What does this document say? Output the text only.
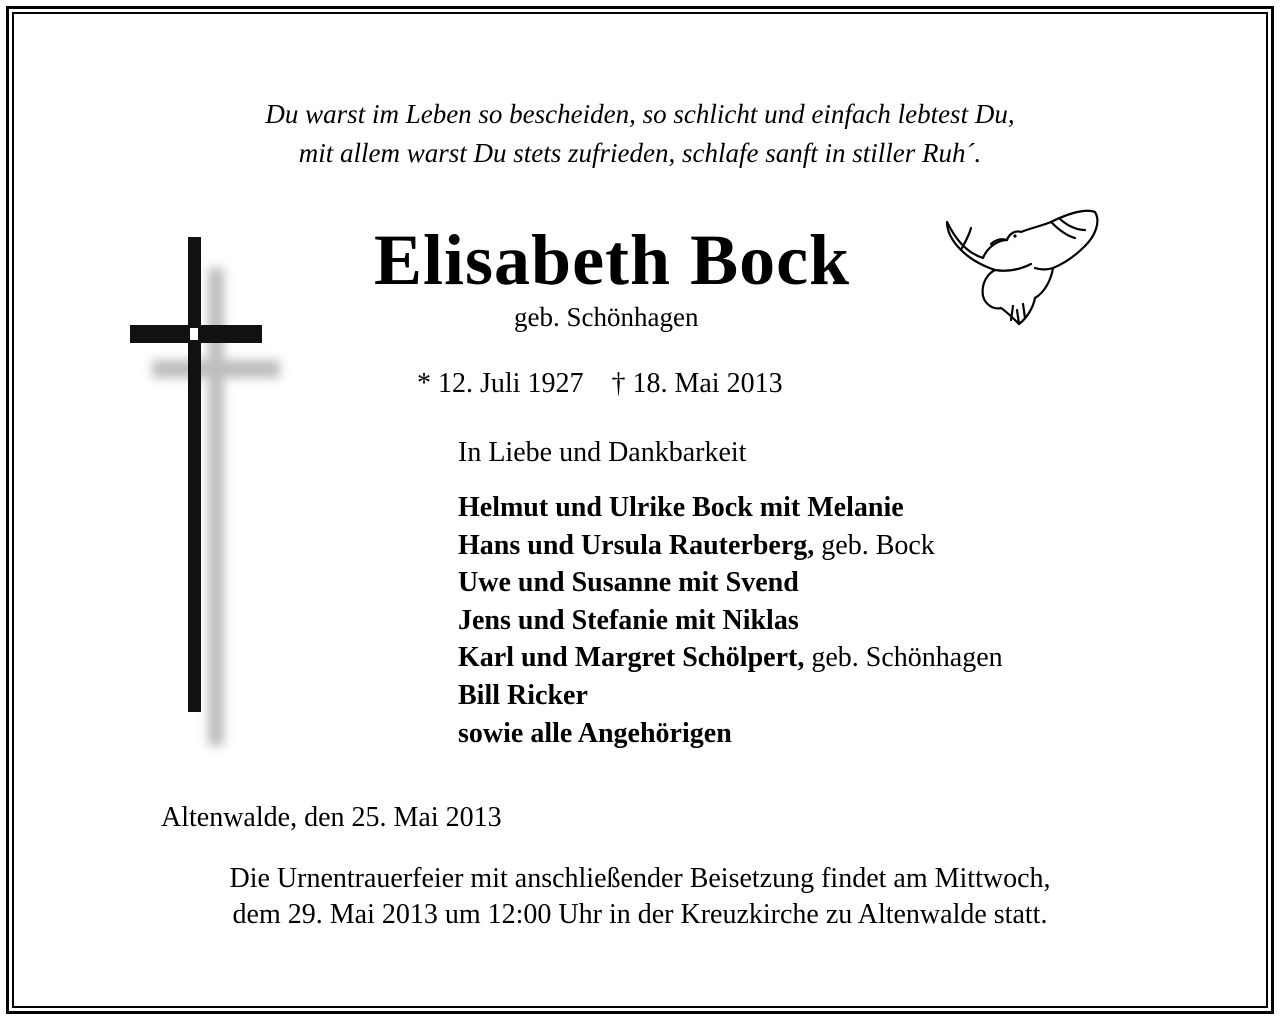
Du warst im Leben so bescheiden, so schlicht und einfach lebtest Du,
mit allem warst Du stets zufrieden, schlafe sanft in stiller Ruh´.
Elisabeth Bock
geb. Schönhagen
* 12. Juli 1927 † 18. Mai 2013
In Liebe und Dankbarkeit
Helmut und Ulrike Bock mit Melanie
Hans und Ursula Rauterberg, geb. Bock
Uwe und Susanne mit Svend
Jens und Stefanie mit Niklas
Karl und Margret Schölpert, geb. Schönhagen
Bill Ricker
sowie alle Angehörigen
Altenwalde, den 25. Mai 2013
Die Urnentrauerfeier mit anschließender Beisetzung findet am Mittwoch,
dem 29. Mai 2013 um 12:00 Uhr in der Kreuzkirche zu Altenwalde statt.
